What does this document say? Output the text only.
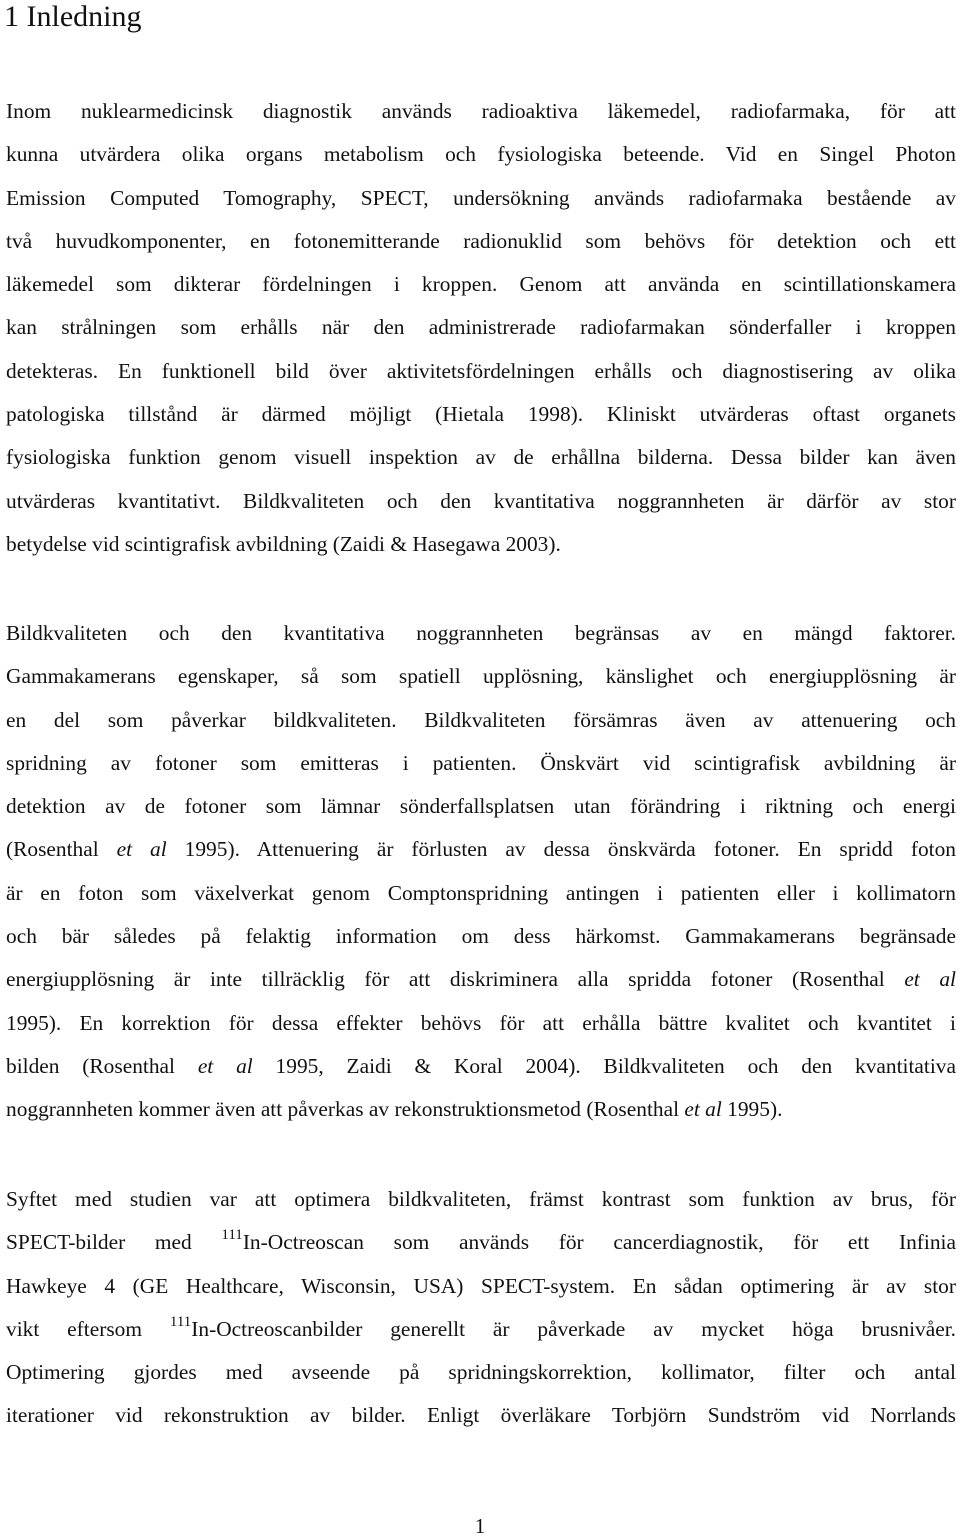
1 Inledning
Inom nuklearmedicinsk diagnostik används radioaktiva läkemedel, radiofarmaka, för att
kunna utvärdera olika organs metabolism och fysiologiska beteende. Vid en Singel Photon
Emission Computed Tomography, SPECT, undersökning används radiofarmaka bestående av
två huvudkomponenter, en fotonemitterande radionuklid som behövs för detektion och ett
läkemedel som dikterar fördelningen i kroppen. Genom att använda en scintillationskamera
kan strålningen som erhålls när den administrerade radiofarmakan sönderfaller i kroppen
detekteras. En funktionell bild över aktivitetsfördelningen erhålls och diagnostisering av olika
patologiska tillstånd är därmed möjligt (Hietala 1998). Kliniskt utvärderas oftast organets
fysiologiska funktion genom visuell inspektion av de erhållna bilderna. Dessa bilder kan även
utvärderas kvantitativt. Bildkvaliteten och den kvantitativa noggrannheten är därför av stor
betydelse vid scintigrafisk avbildning (Zaidi & Hasegawa 2003).
Bildkvaliteten och den kvantitativa noggrannheten begränsas av en mängd faktorer.
Gammakamerans egenskaper, så som spatiell upplösning, känslighet och energiupplösning är
en del som påverkar bildkvaliteten. Bildkvaliteten försämras även av attenuering och
spridning av fotoner som emitteras i patienten. Önskvärt vid scintigrafisk avbildning är
detektion av de fotoner som lämnar sönderfallsplatsen utan förändring i riktning och energi
(Rosenthal et al 1995). Attenuering är förlusten av dessa önskvärda fotoner. En spridd foton
är en foton som växelverkat genom Comptonspridning antingen i patienten eller i kollimatorn
och bär således på felaktig information om dess härkomst. Gammakamerans begränsade
energiupplösning är inte tillräcklig för att diskriminera alla spridda fotoner (Rosenthal et al
1995). En korrektion för dessa effekter behövs för att erhålla bättre kvalitet och kvantitet i
bilden (Rosenthal et al 1995, Zaidi & Koral 2004). Bildkvaliteten och den kvantitativa
noggrannheten kommer även att påverkas av rekonstruktionsmetod (Rosenthal et al 1995).
Syftet med studien var att optimera bildkvaliteten, främst kontrast som funktion av brus, för
SPECT-bilder med $^{111}$In-Octreoscan som används för cancerdiagnostik, för ett Infinia
Hawkeye 4 (GE Healthcare, Wisconsin, USA) SPECT-system. En sådan optimering är av stor
vikt eftersom $^{111}$In-Octreoscanbilder generellt är påverkade av mycket höga brusnivåer.
Optimering gjordes med avseende på spridningskorrektion, kollimator, filter och antal
iterationer vid rekonstruktion av bilder. Enligt överläkare Torbjörn Sundström vid Norrlands
1
